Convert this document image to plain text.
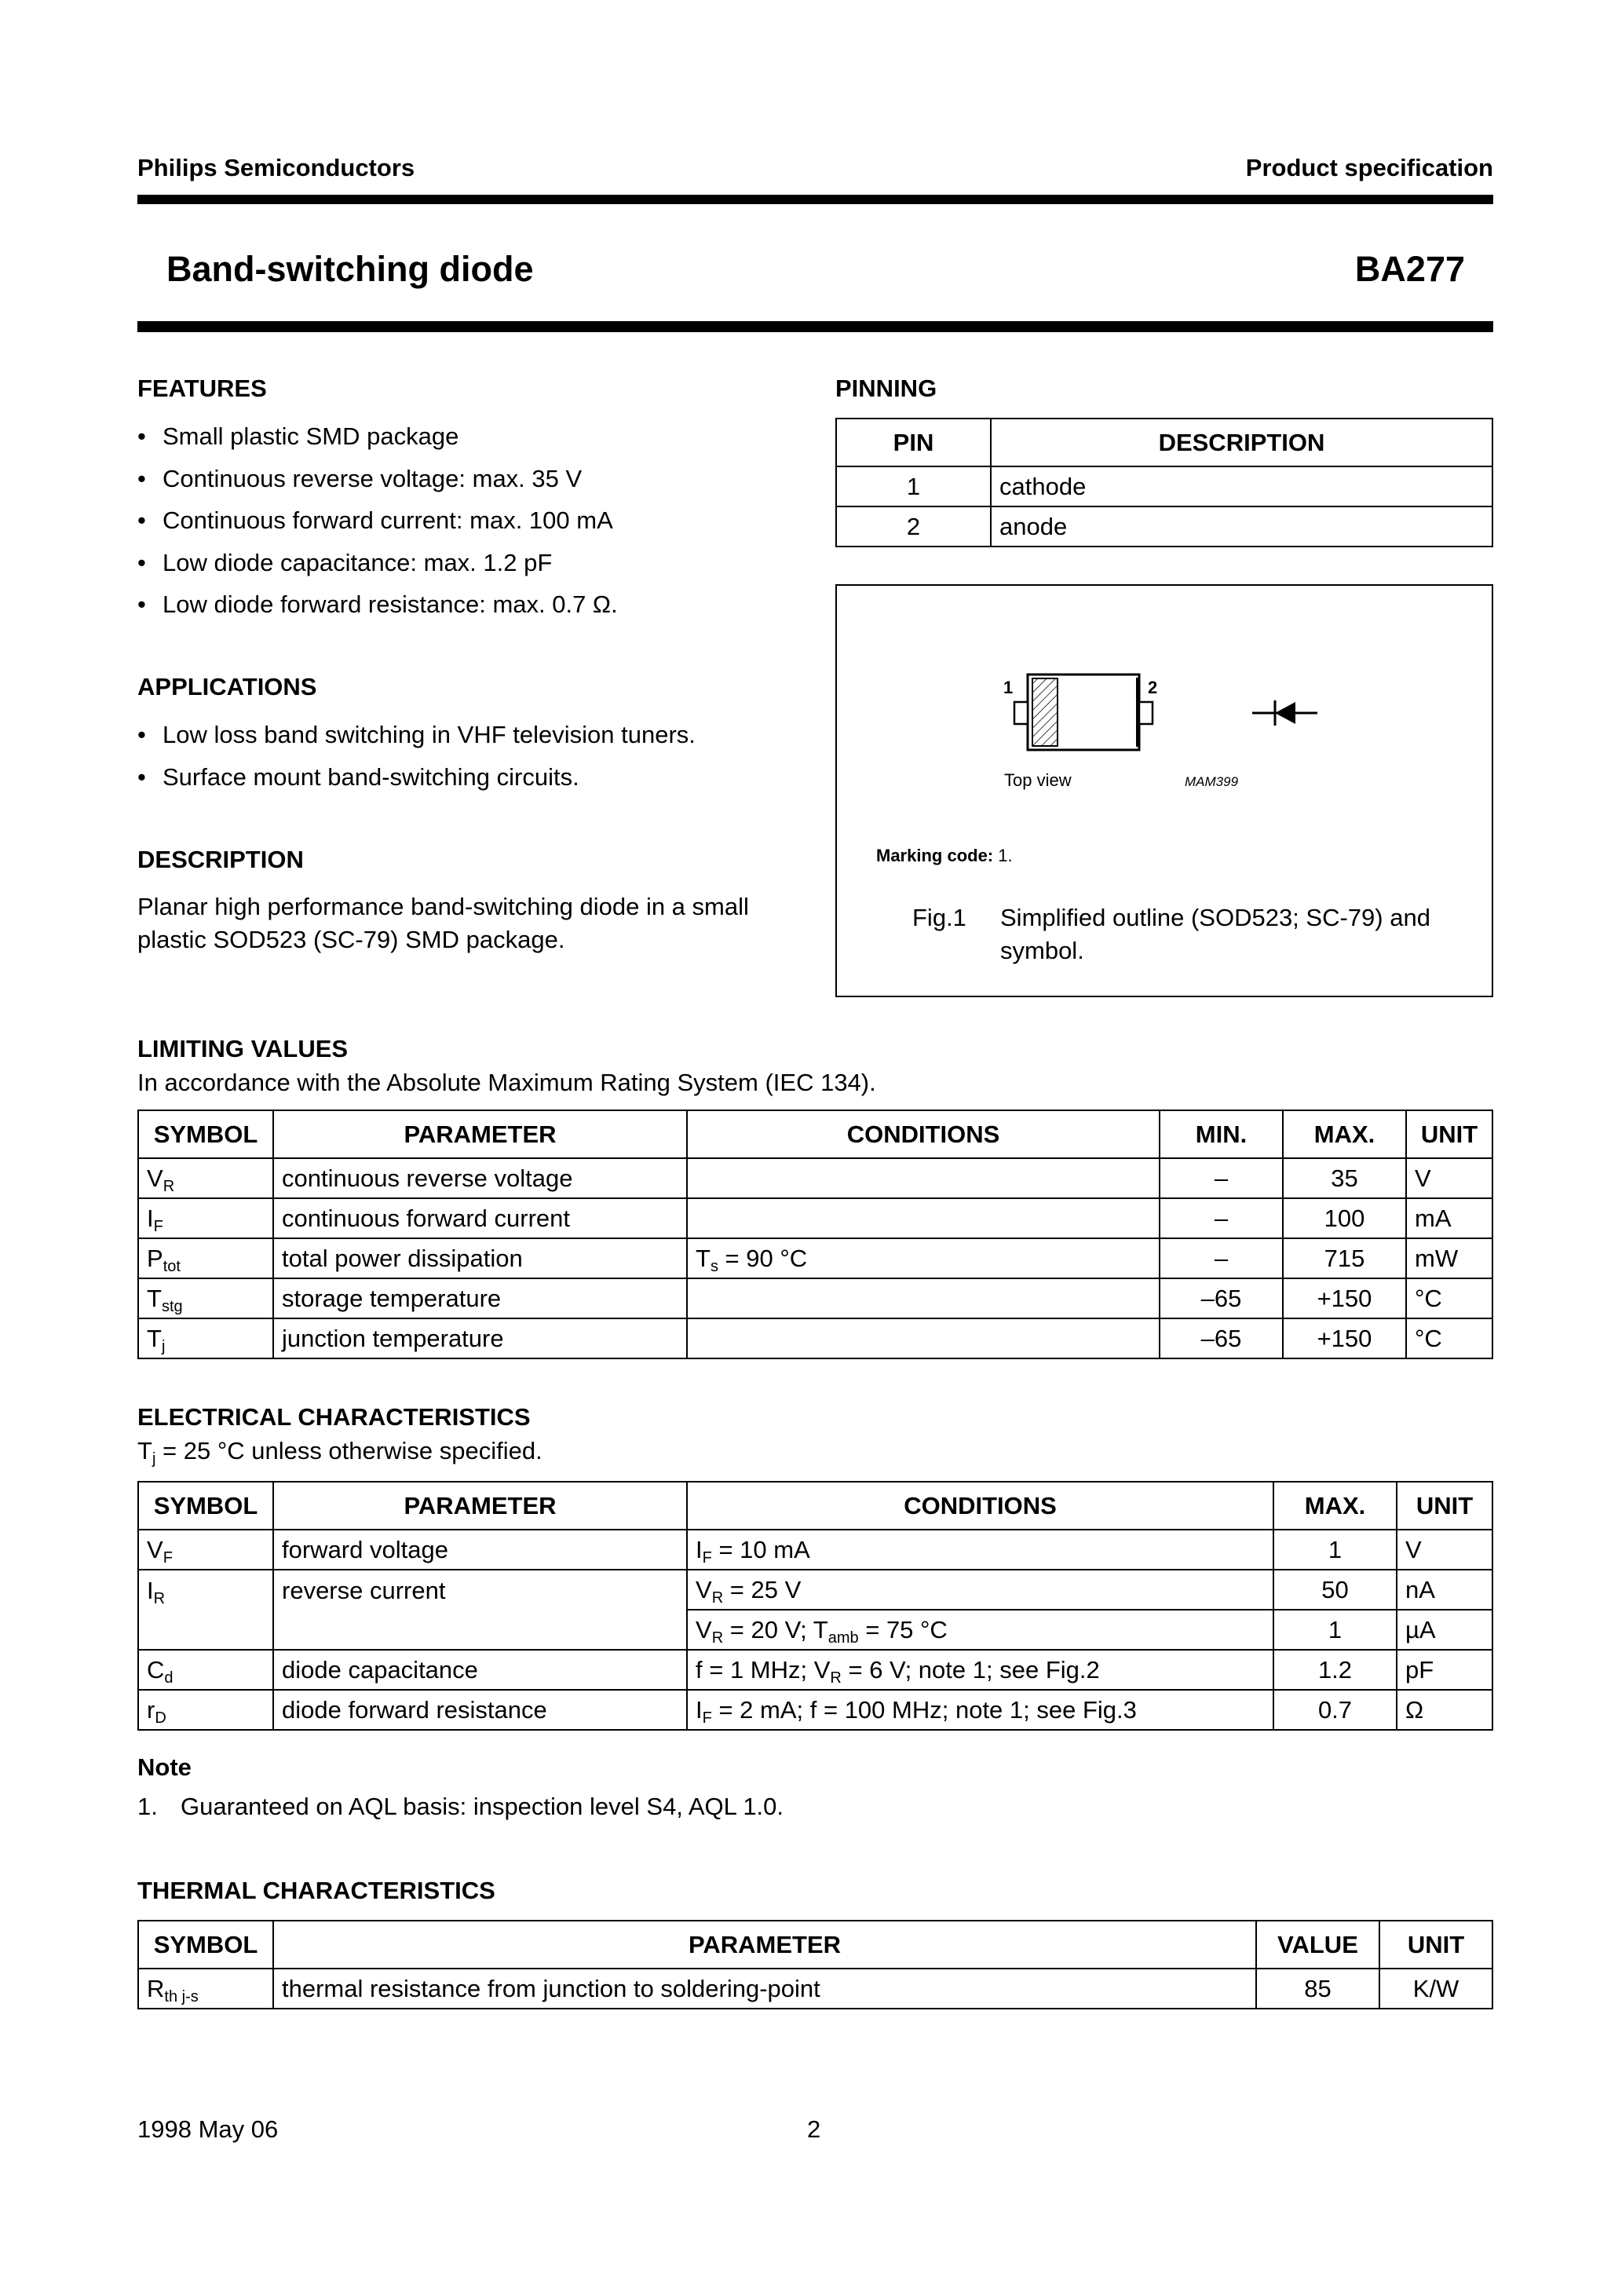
Philips Semiconductors	Product specification
Band-switching diode	BA277
FEATURES
• Small plastic SMD package
• Continuous reverse voltage: max. 35 V
• Continuous forward current: max. 100 mA
• Low diode capacitance: max. 1.2 pF
• Low diode forward resistance: max. 0.7 Ω.
APPLICATIONS
• Low loss band switching in VHF television tuners.
• Surface mount band-switching circuits.
DESCRIPTION
Planar high performance band-switching diode in a small plastic SOD523 (SC-79) SMD package.
PINNING
PIN	DESCRIPTION
1	cathode
2	anode
1	2
Top view	MAM399
Marking code: 1.
Fig.1 Simplified outline (SOD523; SC-79) and symbol.
LIMITING VALUES
In accordance with the Absolute Maximum Rating System (IEC 134).
SYMBOL	PARAMETER	CONDITIONS	MIN.	MAX.	UNIT
$V_R$	continuous reverse voltage		–	35	V
$I_F$	continuous forward current		–	100	mA
$P_{tot}$	total power dissipation	$T_s = 90$ °C	–	715	mW
$T_{stg}$	storage temperature		–65	+150	°C
$T_j$	junction temperature		–65	+150	°C
ELECTRICAL CHARACTERISTICS
$T_j = 25$ °C unless otherwise specified.
SYMBOL	PARAMETER	CONDITIONS	MAX.	UNIT
$V_F$	forward voltage	$I_F = 10$ mA	1	V
$I_R$	reverse current	$V_R = 25$ V	50	nA
		$V_R = 20$ V; $T_{amb} = 75$ °C	1	µA
$C_d$	diode capacitance	f = 1 MHz; $V_R = 6$ V; note 1; see Fig.2	1.2	pF
$r_D$	diode forward resistance	$I_F = 2$ mA; f = 100 MHz; note 1; see Fig.3	0.7	Ω
Note
1. Guaranteed on AQL basis: inspection level S4, AQL 1.0.
THERMAL CHARACTERISTICS
SYMBOL	PARAMETER	VALUE	UNIT
$R_{th j-s}$	thermal resistance from junction to soldering-point	85	K/W
1998 May 06	2
